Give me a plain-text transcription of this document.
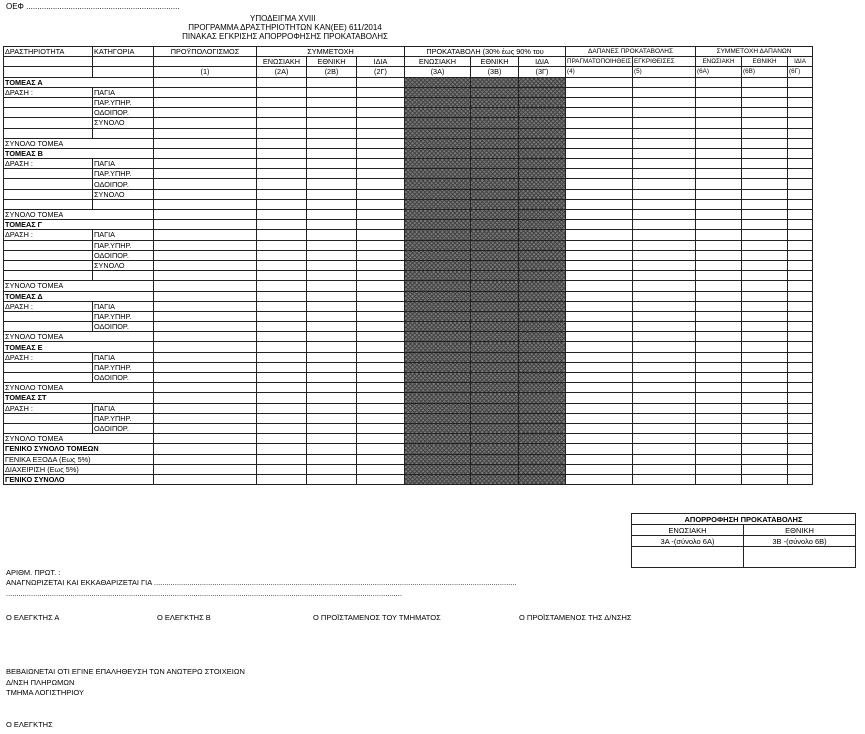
ΟΕΦ .....................................................................
ΥΠΟΔΕΙΓΜΑ XVIII
ΠΡΟΓΡΑΜΜΑ ΔΡΑΣΤΗΡΙΟΤΗΤΩΝ ΚΑΝ(ΕΕ) 611/2014
ΠΙΝΑΚΑΣ ΕΓΚΡΙΣΗΣ ΑΠΟΡΡΟΦΗΣΗΣ ΠΡΟΚΑΤΑΒΟΛΗΣ
ΔΡΑΣΤΗΡΙΟΤΗΤΑ	ΚΑΤΗΓΟΡΙΑ	ΠΡΟΫΠΟΛΟΓΙΣΜΟΣ	ΣΥΜΜΕΤΟΧΗ			ΠΡΟΚΑΤΑΒΟΛΗ (30% έως 90% του			ΔΑΠΑΝΕΣ ΠΡΟΚΑΤΑΒΟΛΗΣ		ΣΥΜΜΕΤΟΧΗ ΔΑΠΑΝΩΝ		
			ΕΝΩΣΙΑΚΗ	ΕΘΝΙΚΗ	ΙΔΙΑ	ΕΝΩΣΙΑΚΗ	ΕΘΝΙΚΗ	ΙΔΙΑ	ΠΡΑΓΜΑΤΟΠΟΙΗΘΕΙΣ	ΕΓΚΡΙΘΕΙΣΕΣ	ΕΝΩΣΙΑΚΗ	ΕΘΝΙΚΗ	ΙΔΙΑ
		(1)	(2Α)	(2Β)	(2Γ)	(3Α)	(3Β)	(3Γ)	(4)	(5)	(6Α)	(6Β)	(6Γ)
ΤΟΜΕΑΣ Α													
ΔΡΑΣΗ :	ΠΑΓΙΑ												
	ΠΑΡ.ΥΠΗΡ.												
	ΟΔΟΙΠΟΡ.												
	ΣΥΝΟΛΟ												

ΣΥΝΟΛΟ ΤΟΜΕΑ													
ΤΟΜΕΑΣ Β													
ΔΡΑΣΗ :	ΠΑΓΙΑ												
	ΠΑΡ.ΥΠΗΡ.												
	ΟΔΟΙΠΟΡ.												
	ΣΥΝΟΛΟ												

ΣΥΝΟΛΟ ΤΟΜΕΑ													
ΤΟΜΕΑΣ Γ													
ΔΡΑΣΗ :	ΠΑΓΙΑ												
	ΠΑΡ.ΥΠΗΡ.												
	ΟΔΟΙΠΟΡ.												
	ΣΥΝΟΛΟ												

ΣΥΝΟΛΟ ΤΟΜΕΑ													
ΤΟΜΕΑΣ Δ													
ΔΡΑΣΗ :	ΠΑΓΙΑ												
	ΠΑΡ.ΥΠΗΡ.												
	ΟΔΟΙΠΟΡ.												
ΣΥΝΟΛΟ ΤΟΜΕΑ													
ΤΟΜΕΑΣ Ε													
ΔΡΑΣΗ :	ΠΑΓΙΑ												
	ΠΑΡ.ΥΠΗΡ.												
	ΟΔΟΙΠΟΡ.												
ΣΥΝΟΛΟ ΤΟΜΕΑ													
ΤΟΜΕΑΣ ΣΤ													
ΔΡΑΣΗ :	ΠΑΓΙΑ												
	ΠΑΡ.ΥΠΗΡ.												
	ΟΔΟΙΠΟΡ.												
ΣΥΝΟΛΟ ΤΟΜΕΑ													
ΓΕΝΙΚΟ ΣΥΝΟΛΟ ΤΟΜΕΩΝ													
ΓΕΝΙΚΑ ΕΞΟΔΑ (Εως 5%)													
ΔΙΑΧΕΙΡΙΣΗ (Εως 5%)													
ΓΕΝΙΚΟ ΣΥΝΟΛΟ													
ΑΠΟΡΡΟΦΗΣΗ ΠΡΟΚΑΤΑΒΟΛΗΣ	
ΕΝΩΣΙΑΚΗ	ΕΘΝΙΚΗ
3Α -(σύνολο 6Α)	3Β -(σύνολο 6Β)

ΑΡΙΘΜ. ΠΡΩΤ. :
ΑΝΑΓΝΩΡΙΖΕΤΑΙ ΚΑΙ ΕΚΚΑΘΑΡΙΖΕΤΑΙ ΓΙΑ ..............................................................................................................................................................................
..............................................................................................................................................................................................
Ο ΕΛΕΓΚΤΗΣ Α	Ο ΕΛΕΓΚΤΗΣ Β	Ο ΠΡΟΪΣΤΑΜΕΝΟΣ ΤΟΥ ΤΜΗΜΑΤΟΣ	Ο ΠΡΟΪΣΤΑΜΕΝΟΣ ΤΗΣ Δ/ΝΣΗΣ
ΒΕΒΑΙΩΝΕΤΑΙ ΟΤΙ ΕΓΙΝΕ ΕΠΑΛΗΘΕΥΣΗ ΤΩΝ ΑΝΩΤΕΡΩ ΣΤΟΙΧΕΙΩΝ
Δ/ΝΣΗ ΠΛΗΡΩΜΩΝ
ΤΜΗΜΑ ΛΟΓΙΣΤΗΡΙΟΥ
Ο ΕΛΕΓΚΤΗΣ
